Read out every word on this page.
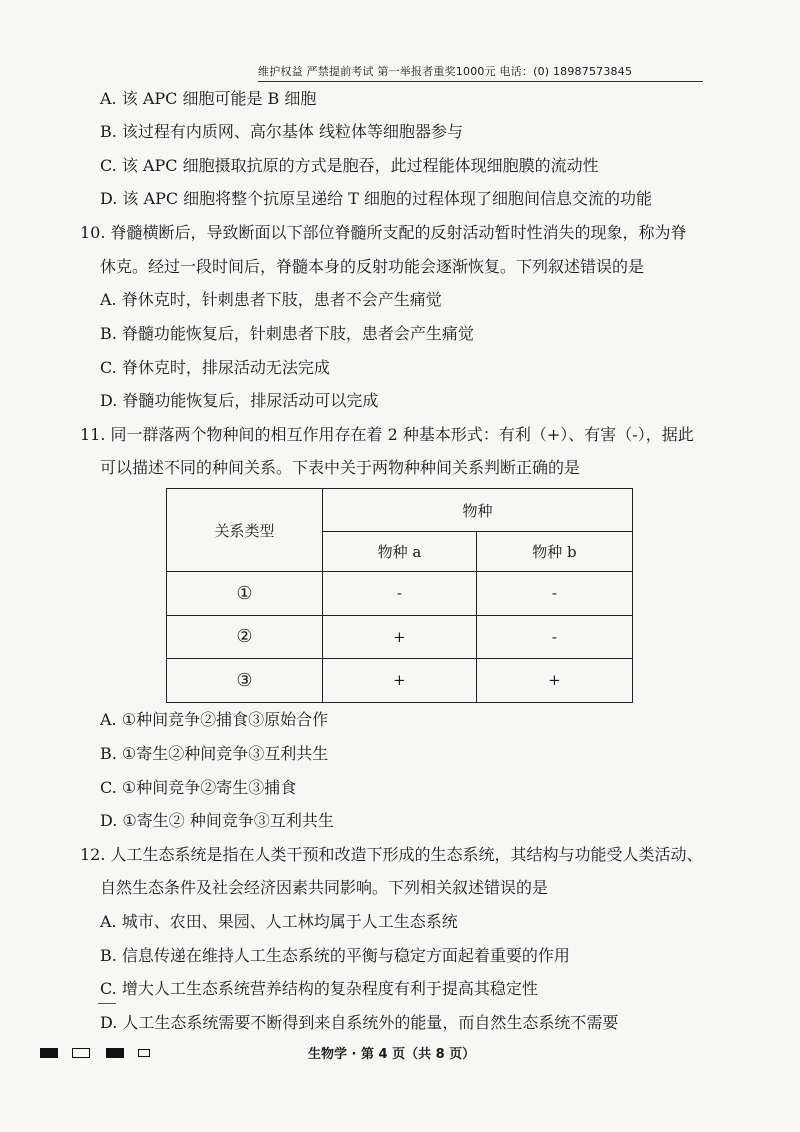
维护权益 严禁提前考试 第一举报者重奖1000元 电话：(0) 18987573845
A. 该 APC 细胞可能是 B 细胞
B. 该过程有内质网、高尔基体 线粒体等细胞器参与
C. 该 APC 细胞摄取抗原的方式是胞吞，此过程能体现细胞膜的流动性
D. 该 APC 细胞将整个抗原呈递给 T 细胞的过程体现了细胞间信息交流的功能
10. 脊髓横断后，导致断面以下部位脊髓所支配的反射活动暂时性消失的现象，称为脊
休克。经过一段时间后，脊髓本身的反射功能会逐渐恢复。下列叙述错误的是
A. 脊休克时，针刺患者下肢，患者不会产生痛觉
B. 脊髓功能恢复后，针刺患者下肢，患者会产生痛觉
C. 脊休克时，排尿活动无法完成
D. 脊髓功能恢复后，排尿活动可以完成
11. 同一群落两个物种间的相互作用存在着 2 种基本形式：有利（+）、有害（-），据此
可以描述不同的种间关系。下表中关于两物种种间关系判断正确的是
关系类型	物种	
	物种 a	物种 b
①	-	-
②	+	-
③	+	+
A. ①种间竞争②捕食③原始合作
B. ①寄生②种间竞争③互利共生
C. ①种间竞争②寄生③捕食
D. ①寄生② 种间竞争③互利共生
12. 人工生态系统是指在人类干预和改造下形成的生态系统，其结构与功能受人类活动、
自然生态条件及社会经济因素共同影响。下列相关叙述错误的是
A. 城市、农田、果园、人工林均属于人工生态系统
B. 信息传递在维持人工生态系统的平衡与稳定方面起着重要的作用
C. 增大人工生态系统营养结构的复杂程度有利于提高其稳定性
D. 人工生态系统需要不断得到来自系统外的能量，而自然生态系统不需要
生物学 · 第 4 页（共 8 页）
